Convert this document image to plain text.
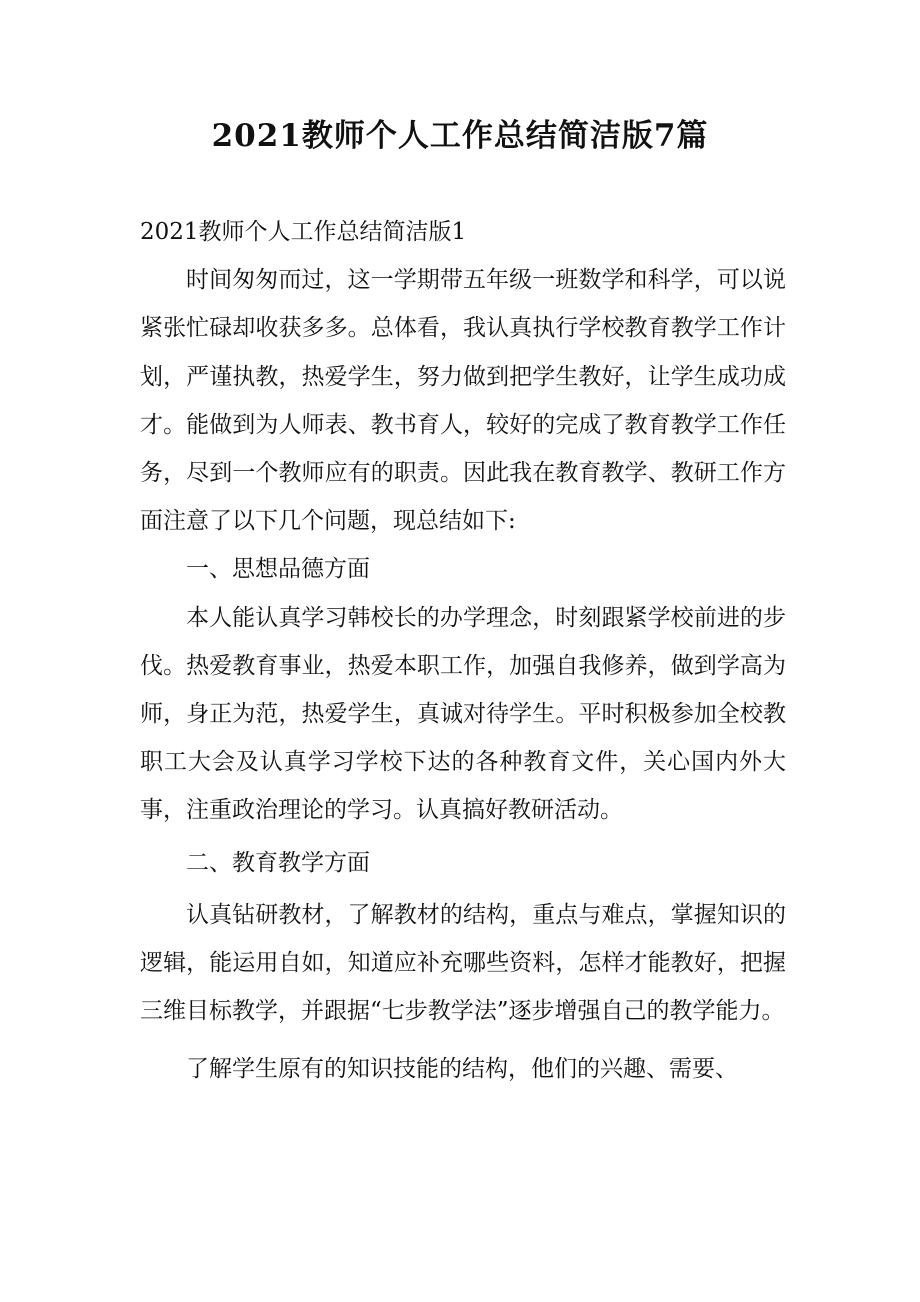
2021教师个人工作总结简洁版7篇

2021教师个人工作总结简洁版1

时间匆匆而过，这一学期带五年级一班数学和科学，可以说紧张忙碌却收获多多。总体看，我认真执行学校教育教学工作计划，严谨执教，热爱学生，努力做到把学生教好，让学生成功成才。能做到为人师表、教书育人，较好的完成了教育教学工作任务，尽到一个教师应有的职责。因此我在教育教学、教研工作方面注意了以下几个问题，现总结如下:

一、思想品德方面

本人能认真学习韩校长的办学理念，时刻跟紧学校前进的步伐。热爱教育事业，热爱本职工作，加强自我修养，做到学高为师，身正为范，热爱学生，真诚对待学生。平时积极参加全校教职工大会及认真学习学校下达的各种教育文件，关心国内外大事，注重政治理论的学习。认真搞好教研活动。

二、教育教学方面

认真钻研教材，了解教材的结构，重点与难点，掌握知识的逻辑，能运用自如，知道应补充哪些资料，怎样才能教好，把握三维目标教学，并跟据“七步教学法”逐步增强自己的教学能力。

了解学生原有的知识技能的结构，他们的兴趣、需要、
